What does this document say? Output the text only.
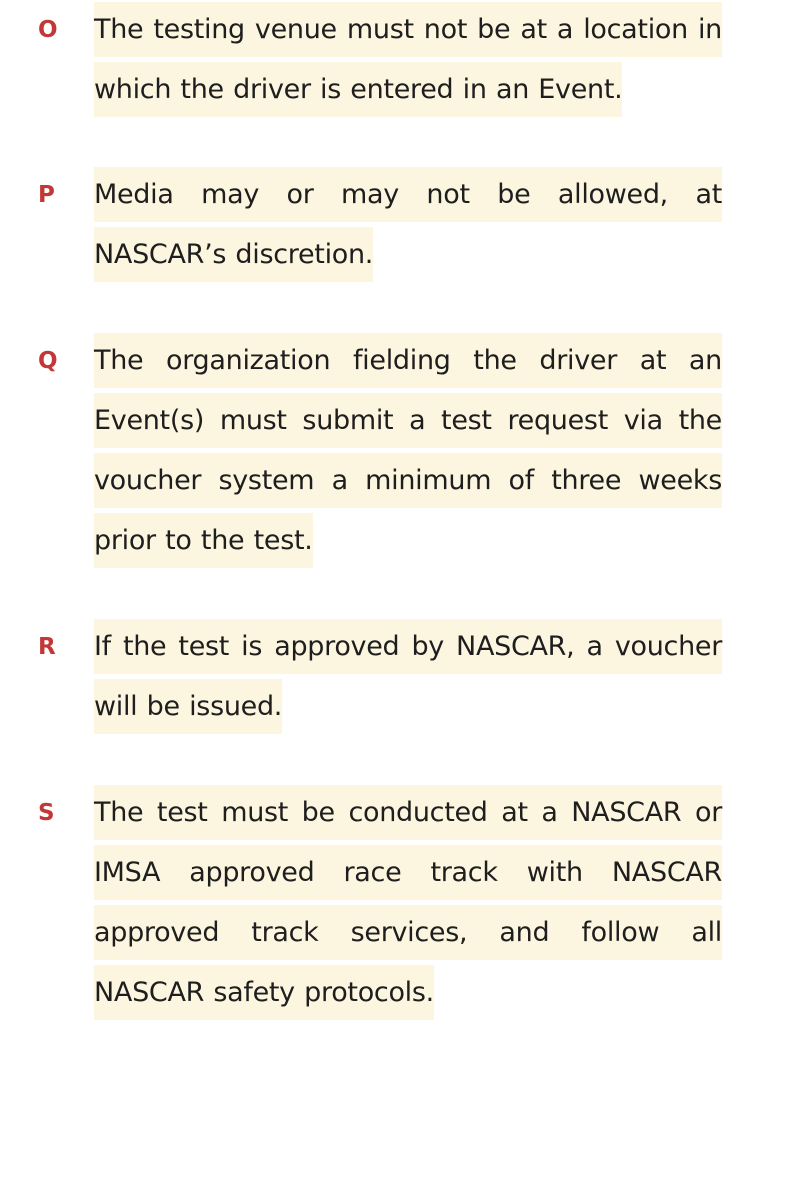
O The testing venue must not be at a location in which the driver is entered in an Event.

P Media may or may not be allowed, at NASCAR’s discretion.

Q The organization fielding the driver at an Event(s) must submit a test request via the voucher system a minimum of three weeks prior to the test.

R If the test is approved by NASCAR, a voucher will be issued.

S The test must be conducted at a NASCAR or IMSA approved race track with NASCAR approved track services, and follow all NASCAR safety protocols.
